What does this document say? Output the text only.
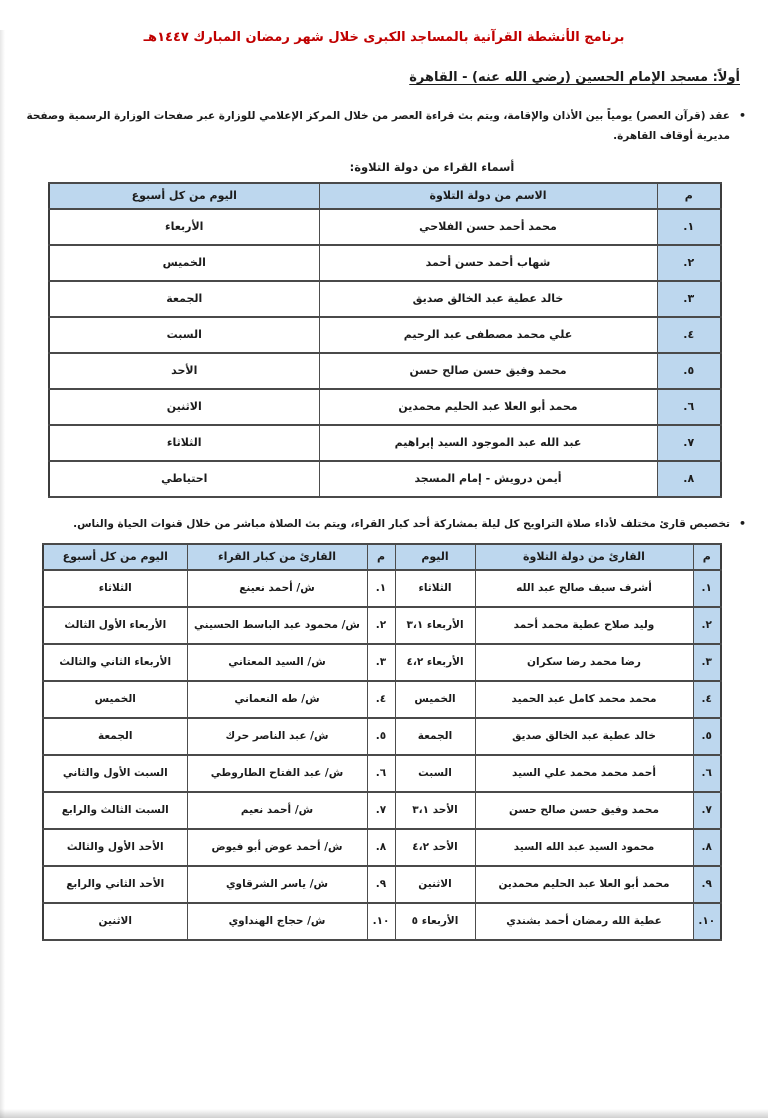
برنامج الأنشطة القرآنية بالمساجد الكبرى خلال شهر رمضان المبارك ١٤٤٧هـ
أولاً: مسجد الإمام الحسين (رضي الله عنه) - القاهرة
•
عقد (قرآن العصر) يومياً بين الأذان والإقامة، ويتم بث قراءة العصر من خلال المركز الإعلامي للوزارة عبر صفحات الوزارة الرسمية وصفحة مديرية أوقاف القاهرة.
أسماء القراء من دولة التلاوة:
م	الاسم من دولة التلاوة	اليوم من كل أسبوع
١.	محمد أحمد حسن الفلاحي	الأربعاء
٢.	شهاب أحمد حسن أحمد	الخميس
٣.	خالد عطية عبد الخالق صديق	الجمعة
٤.	علي محمد مصطفى عبد الرحيم	السبت
٥.	محمد وفيق حسن صالح حسن	الأحد
٦.	محمد أبو العلا عبد الحليم محمدين	الاثنين
٧.	عبد الله عبد الموجود السيد إبراهيم	الثلاثاء
٨.	أيمن درويش - إمام المسجد	احتياطي
•
تخصيص قارئ مختلف لأداء صلاة التراويح كل ليلة بمشاركة أحد كبار القراء، ويتم بث الصلاة مباشر من خلال قنوات الحياة والناس.
م	القارئ من دولة التلاوة	اليوم	م	القارئ من كبار القراء	اليوم من كل أسبوع
١.	أشرف سيف صالح عبد الله	الثلاثاء	١.	ش/ أحمد نعينع	الثلاثاء
٢.	وليد صلاح عطية محمد أحمد	الأربعاء ٣،١	٢.	ش/ محمود عبد الباسط الحسيني	الأربعاء الأول الثالث
٣.	رضا محمد رضا سكران	الأربعاء ٤،٢	٣.	ش/ السيد المعتاني	الأربعاء الثاني والثالث
٤.	محمد محمد كامل عبد الحميد	الخميس	٤.	ش/ طه النعماني	الخميس
٥.	خالد عطية عبد الخالق صديق	الجمعة	٥.	ش/ عبد الناصر حرك	الجمعة
٦.	أحمد محمد محمد علي السيد	السبت	٦.	ش/ عبد الفتاح الطاروطي	السبت الأول والثاني
٧.	محمد وفيق حسن صالح حسن	الأحد ٣،١	٧.	ش/ أحمد نعيم	السبت الثالث والرابع
٨.	محمود السيد عبد الله السيد	الأحد ٤،٢	٨.	ش/ أحمد عوض أبو فيوض	الأحد الأول والثالث
٩.	محمد أبو العلا عبد الحليم محمدين	الاثنين	٩.	ش/ ياسر الشرقاوي	الأحد الثاني والرابع
١٠.	عطية الله رمضان أحمد بشندي	الأربعاء ٥	١٠.	ش/ حجاج الهنداوي	الاثنين
